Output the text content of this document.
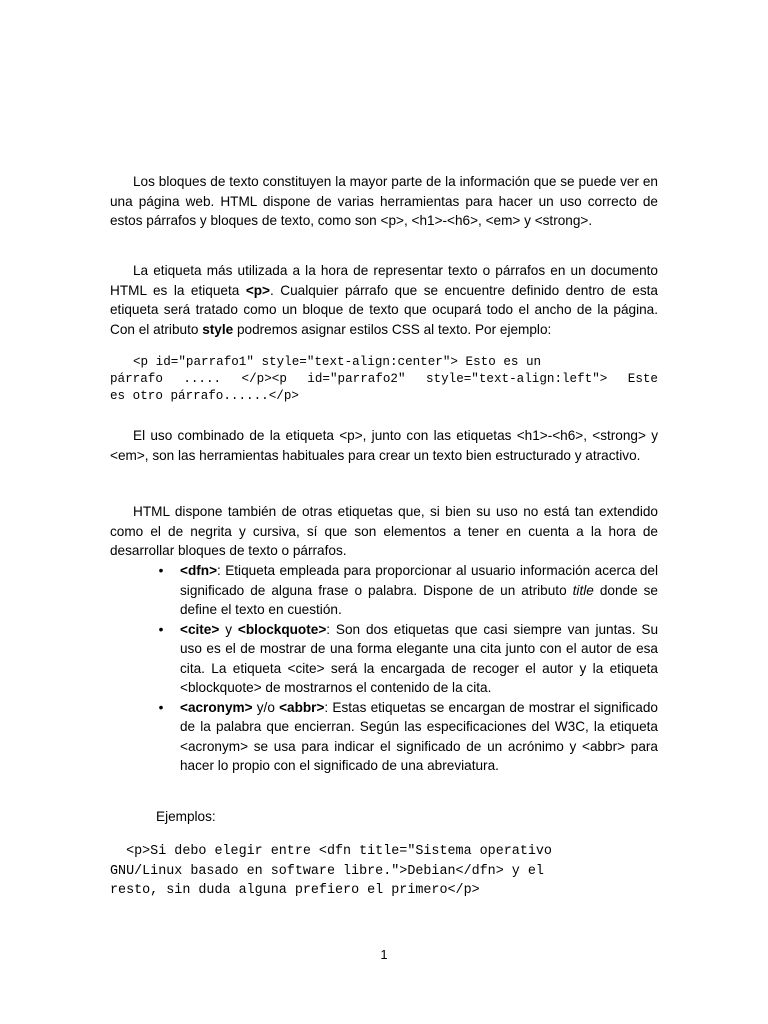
Los bloques de texto constituyen la mayor parte de la información que se puede ver en una página web. HTML dispone de varias herramientas para hacer un uso correcto de estos párrafos y bloques de texto, como son <p>, <h1>-<h6>, <em> y <strong>.

La etiqueta más utilizada a la hora de representar texto o párrafos en un documento HTML es la etiqueta <p>. Cualquier párrafo que se encuentre definido dentro de esta etiqueta será tratado como un bloque de texto que ocupará todo el ancho de la página. Con el atributo style podremos asignar estilos CSS al texto. Por ejemplo:

<p id="parrafo1" style="text-align:center"> Esto es un
párrafo ..... </p><p id="parrafo2" style="text-align:left"> Este
es otro párrafo......</p>

El uso combinado de la etiqueta <p>, junto con las etiquetas <h1>-<h6>, <strong> y <em>, son las herramientas habituales para crear un texto bien estructurado y atractivo.

HTML dispone también de otras etiquetas que, si bien su uso no está tan extendido como el de negrita y cursiva, sí que son elementos a tener en cuenta a la hora de desarrollar bloques de texto o párrafos.

• <dfn>: Etiqueta empleada para proporcionar al usuario información acerca del significado de alguna frase o palabra. Dispone de un atributo title donde se define el texto en cuestión.
• <cite> y <blockquote>: Son dos etiquetas que casi siempre van juntas. Su uso es el de mostrar de una forma elegante una cita junto con el autor de esa cita. La etiqueta <cite> será la encargada de recoger el autor y la etiqueta <blockquote> de mostrarnos el contenido de la cita.
• <acronym> y/o <abbr>: Estas etiquetas se encargan de mostrar el significado de la palabra que encierran. Según las especificaciones del W3C, la etiqueta <acronym> se usa para indicar el significado de un acrónimo y <abbr> para hacer lo propio con el significado de una abreviatura.

Ejemplos:

<p>Si debo elegir entre <dfn title="Sistema operativo
GNU/Linux basado en software libre.">Debian</dfn> y el
resto, sin duda alguna prefiero el primero</p>
1
